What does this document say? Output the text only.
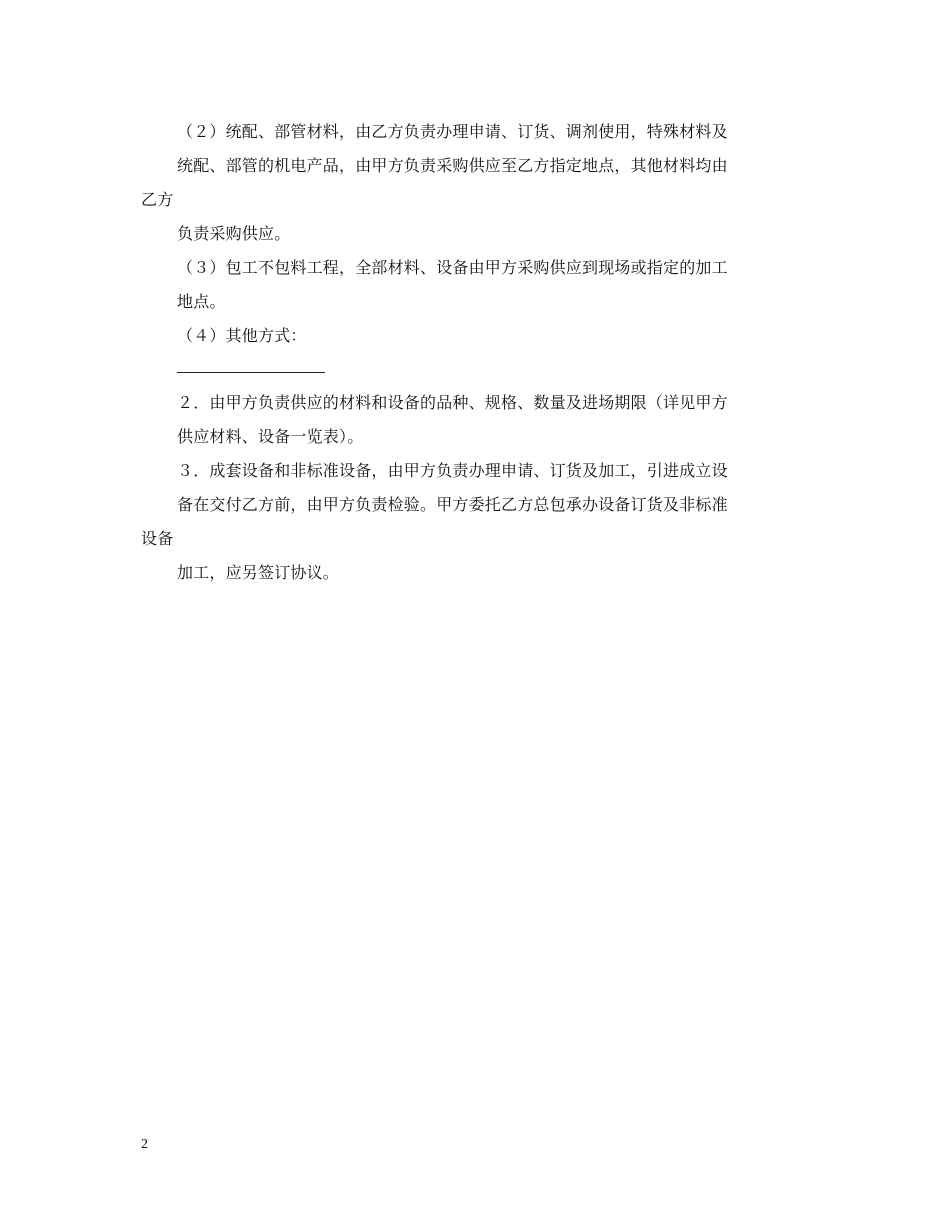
（２）统配、部管材料，由乙方负责办理申请、订货、调剂使用，特殊材料及
统配、部管的机电产品，由甲方负责采购供应至乙方指定地点，其他材料均由
乙方
负责采购供应。
（３）包工不包料工程，全部材料、设备由甲方采购供应到现场或指定的加工
地点。
（４）其他方式：
２．由甲方负责供应的材料和设备的品种、规格、数量及进场期限（详见甲方
供应材料、设备一览表）。
３．成套设备和非标准设备，由甲方负责办理申请、订货及加工，引进成立设
备在交付乙方前，由甲方负责检验。甲方委托乙方总包承办设备订货及非标准
设备
加工，应另签订协议。
2
